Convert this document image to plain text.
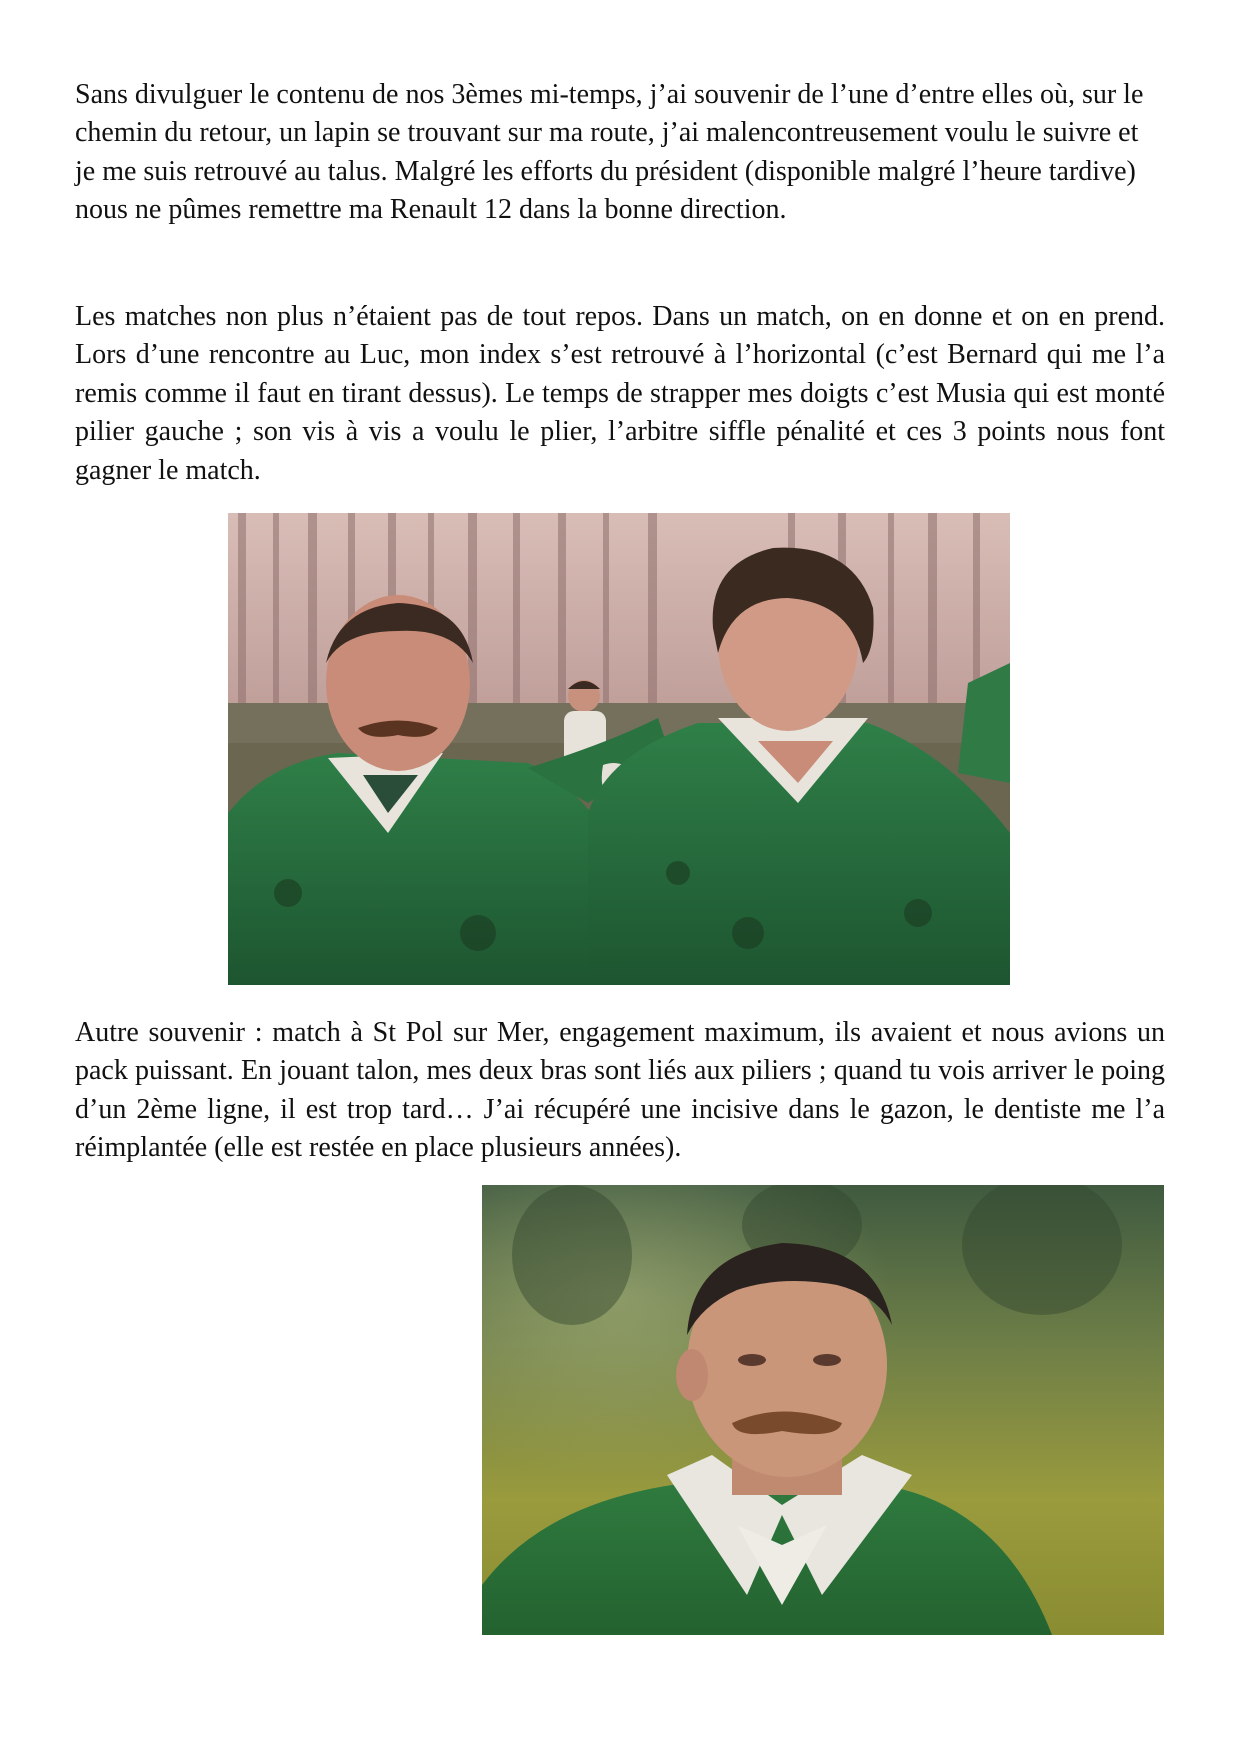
Sans divulguer le contenu de nos 3èmes mi-temps, j’ai souvenir de l’une d’entre elles où, sur le chemin du retour, un lapin se trouvant sur ma route, j’ai malencontreusement voulu le suivre et je me suis retrouvé au talus. Malgré les efforts du président (disponible malgré l’heure tardive) nous ne pûmes remettre ma Renault 12 dans la bonne direction.

Les matches non plus n’étaient pas de tout repos. Dans un match, on en donne et on en prend. Lors d’une rencontre au Luc, mon index s’est retrouvé à l’horizontal (c’est Bernard qui me l’a remis comme il faut en tirant dessus). Le temps de strapper mes doigts c’est Musia qui est monté pilier gauche ; son vis à vis a voulu le plier, l’arbitre siffle pénalité et ces 3 points nous font gagner le match.

Autre souvenir : match à St Pol sur Mer, engagement maximum, ils avaient et nous avions un pack puissant. En jouant talon, mes deux bras sont liés aux piliers ; quand tu vois arriver le poing d’un 2ème ligne, il est trop tard… J’ai récupéré une incisive dans le gazon, le dentiste me l’a réimplantée (elle est restée en place plusieurs années).
